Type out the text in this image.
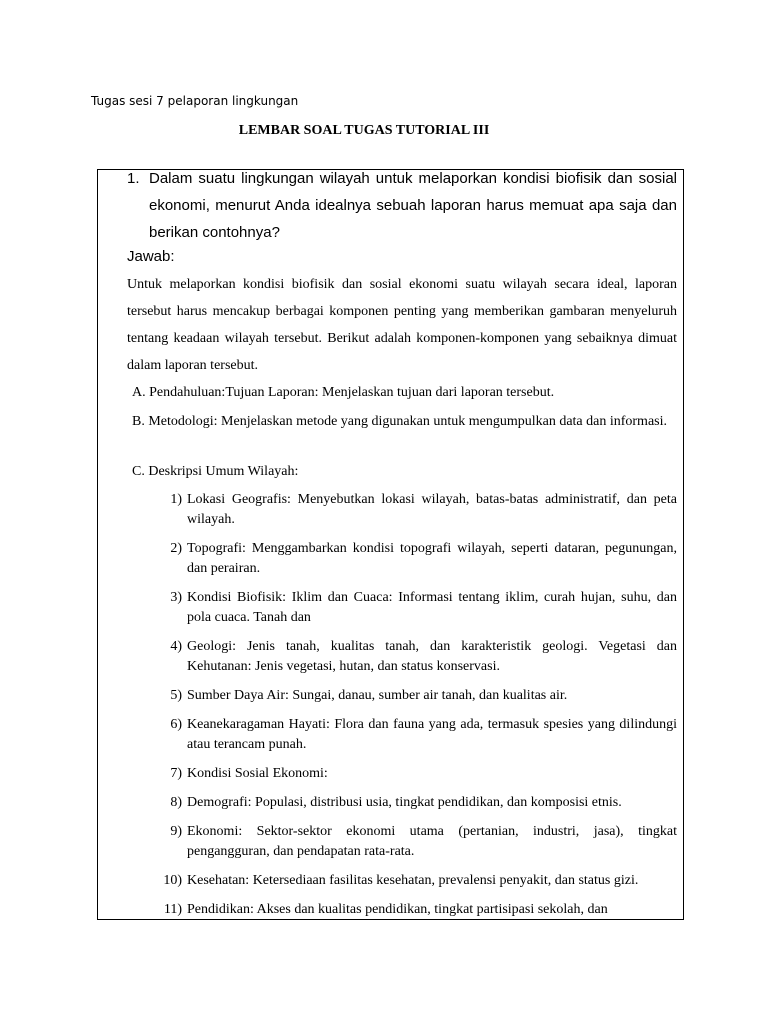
Tugas sesi 7 pelaporan lingkungan
LEMBAR SOAL TUGAS TUTORIAL III
1. Dalam suatu lingkungan wilayah untuk melaporkan kondisi biofisik dan sosial ekonomi, menurut Anda idealnya sebuah laporan harus memuat apa saja dan berikan contohnya?
Jawab:
Untuk melaporkan kondisi biofisik dan sosial ekonomi suatu wilayah secara ideal, laporan tersebut harus mencakup berbagai komponen penting yang memberikan gambaran menyeluruh tentang keadaan wilayah tersebut. Berikut adalah komponen-komponen yang sebaiknya dimuat dalam laporan tersebut.
A. Pendahuluan:Tujuan Laporan: Menjelaskan tujuan dari laporan tersebut.
B. Metodologi: Menjelaskan metode yang digunakan untuk mengumpulkan data dan informasi.
C. Deskripsi Umum Wilayah:
1) Lokasi Geografis: Menyebutkan lokasi wilayah, batas-batas administratif, dan peta wilayah.
2) Topografi: Menggambarkan kondisi topografi wilayah, seperti dataran, pegunungan, dan perairan.
3) Kondisi Biofisik: Iklim dan Cuaca: Informasi tentang iklim, curah hujan, suhu, dan pola cuaca. Tanah dan
4) Geologi: Jenis tanah, kualitas tanah, dan karakteristik geologi. Vegetasi dan Kehutanan: Jenis vegetasi, hutan, dan status konservasi.
5) Sumber Daya Air: Sungai, danau, sumber air tanah, dan kualitas air.
6) Keanekaragaman Hayati: Flora dan fauna yang ada, termasuk spesies yang dilindungi atau terancam punah.
7) Kondisi Sosial Ekonomi:
8) Demografi: Populasi, distribusi usia, tingkat pendidikan, dan komposisi etnis.
9) Ekonomi: Sektor-sektor ekonomi utama (pertanian, industri, jasa), tingkat pengangguran, dan pendapatan rata-rata.
10) Kesehatan: Ketersediaan fasilitas kesehatan, prevalensi penyakit, dan status gizi.
11) Pendidikan: Akses dan kualitas pendidikan, tingkat partisipasi sekolah, dan
